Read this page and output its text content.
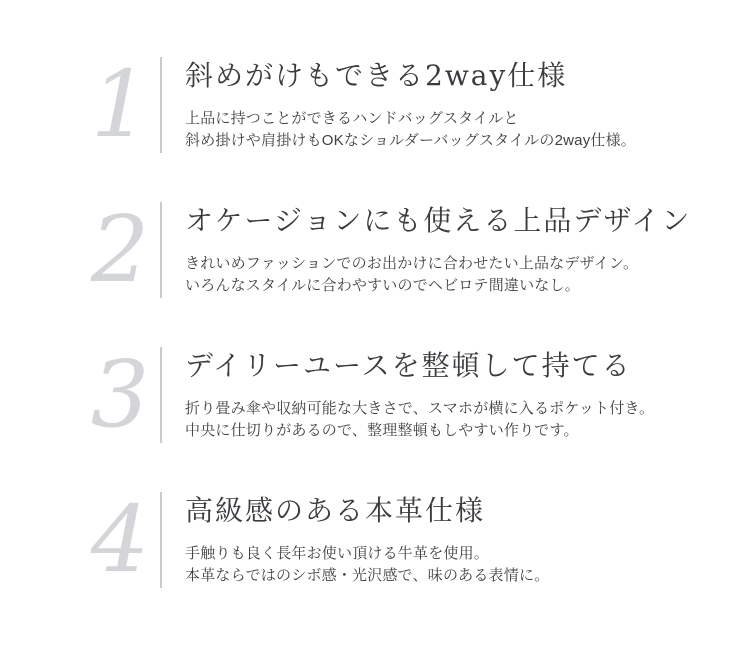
1 斜めがけもできる2way仕様

上品に持つことができるハンドバッグスタイルと
斜め掛けや肩掛けもOKなショルダーバッグスタイルの2way仕様。

2 オケージョンにも使える上品デザイン

きれいめファッションでのお出かけに合わせたい上品なデザイン。
いろんなスタイルに合わやすいのでヘビロテ間違いなし。

3 デイリーユースを整頓して持てる

折り畳み傘や収納可能な大きさで、スマホが横に入るポケット付き。
中央に仕切りがあるので、整理整頓もしやすい作りです。

4 高級感のある本革仕様

手触りも良く長年お使い頂ける牛革を使用。
本革ならではのシボ感・光沢感で、味のある表情に。
